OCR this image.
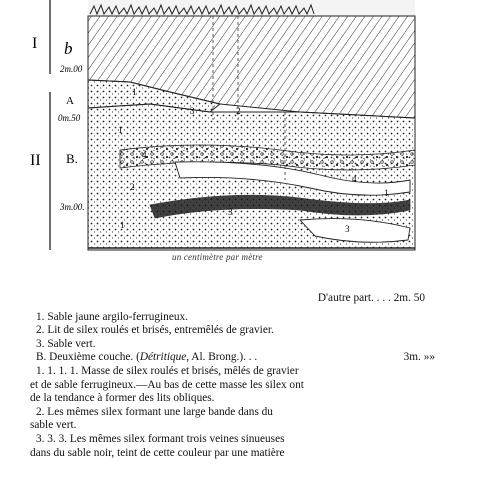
I b
2m.00
A
0m.50
II B.
3m.00.
1
3	2
1
4
4
1
2
3
3
1
un centimètre par mètre
D'autre part. . . . 2m. 50
1. Sable jaune argilo-ferrugineux.
2. Lit de silex roulés et brisés, entremêlés de gravier.
3. Sable vert.
B. Deuxième couche. (Détritique, Al. Brong.). . .	3m. »»
1. 1. 1. 1. Masse de silex roulés et brisés, mêlés de gravier
et de sable ferrugineux.—Au bas de cette masse les silex ont
de la tendance à former des lits obliques.
2. Les mêmes silex formant une large bande dans du
sable vert.
3. 3. 3. Les mêmes silex formant trois veines sinueuses
dans du sable noir, teint de cette couleur par une matière
